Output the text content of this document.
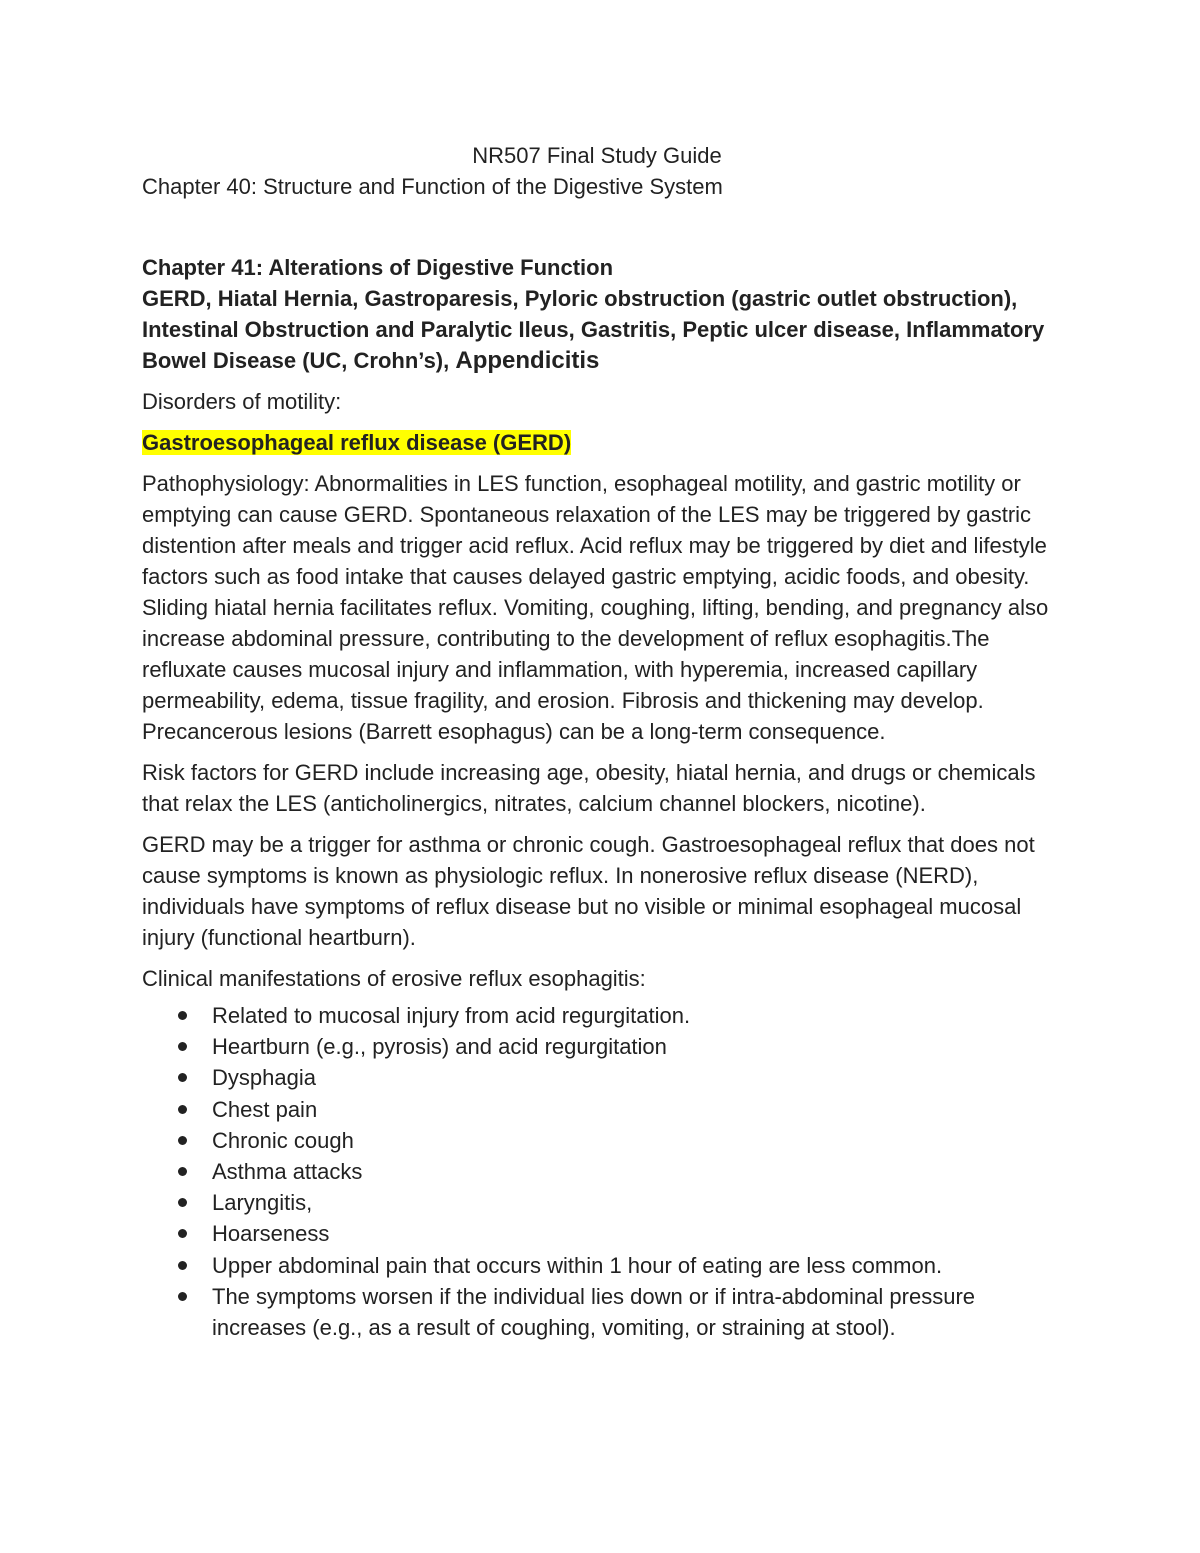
NR507 Final Study Guide

Chapter 40: Structure and Function of the Digestive System

Chapter 41: Alterations of Digestive Function

GERD, Hiatal Hernia, Gastroparesis, Pyloric obstruction (gastric outlet obstruction), Intestinal Obstruction and Paralytic Ileus, Gastritis, Peptic ulcer disease, Inflammatory Bowel Disease (UC, Crohn’s), Appendicitis

Disorders of motility:

Gastroesophageal reflux disease (GERD)

Pathophysiology: Abnormalities in LES function, esophageal motility, and gastric motility or emptying can cause GERD. Spontaneous relaxation of the LES may be triggered by gastric distention after meals and trigger acid reflux. Acid reflux may be triggered by diet and lifestyle factors such as food intake that causes delayed gastric emptying, acidic foods, and obesity. Sliding hiatal hernia facilitates reflux. Vomiting, coughing, lifting, bending, and pregnancy also increase abdominal pressure, contributing to the development of reflux esophagitis.The refluxate causes mucosal injury and inflammation, with hyperemia, increased capillary permeability, edema, tissue fragility, and erosion. Fibrosis and thickening may develop. Precancerous lesions (Barrett esophagus) can be a long-term consequence.

Risk factors for GERD include increasing age, obesity, hiatal hernia, and drugs or chemicals that relax the LES (anticholinergics, nitrates, calcium channel blockers, nicotine).

GERD may be a trigger for asthma or chronic cough. Gastroesophageal reflux that does not cause symptoms is known as physiologic reflux. In nonerosive reflux disease (NERD), individuals have symptoms of reflux disease but no visible or minimal esophageal mucosal injury (functional heartburn).

Clinical manifestations of erosive reflux esophagitis:

Related to mucosal injury from acid regurgitation.
Heartburn (e.g., pyrosis) and acid regurgitation
Dysphagia
Chest pain
Chronic cough
Asthma attacks
Laryngitis,
Hoarseness
Upper abdominal pain that occurs within 1 hour of eating are less common.
The symptoms worsen if the individual lies down or if intra-abdominal pressure increases (e.g., as a result of coughing, vomiting, or straining at stool).
